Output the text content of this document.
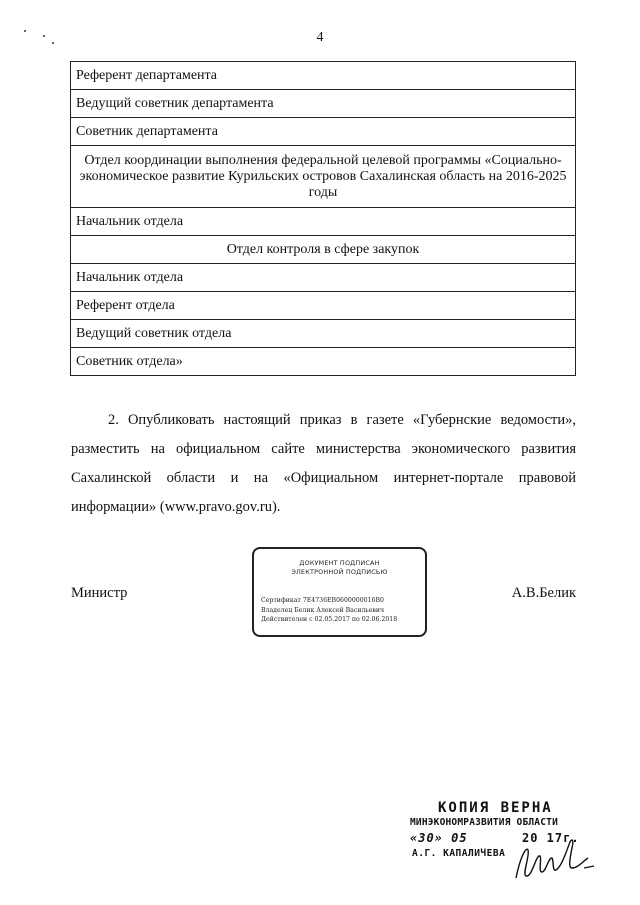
4
Референт департамента
Ведущий советник департамента
Советник департамента
Отдел координации выполнения федеральной целевой программы «Социально-экономическое развитие Курильских островов Сахалинская область на 2016-2025 годы
Начальник отдела
Отдел контроля в сфере закупок
Начальник отдела
Референт отдела
Ведущий советник отдела
Советник отдела»
2. Опубликовать настоящий приказ в газете «Губернские ведомости»,
разместить на официальном сайте министерства экономического развития
Сахалинской области и на «Официальном интернет-портале правовой
информации» (www.pravo.gov.ru).
Министр	А.В.Белик
ДОКУМЕНТ ПОДПИСАН
ЭЛЕКТРОННОЙ ПОДПИСЬЮ
Сертификат 7E4736EB0600000016B0
Владелец Белик Алексей Васильевич
Действителен с 02.05.2017 по 02.06.2018
КОПИЯ ВЕРНА
МИНЭКОНОМРАЗВИТИЯ ОБЛАСТИ
«30» 05	20 17г.
А.Г. КАПАЛИЧЕВА
